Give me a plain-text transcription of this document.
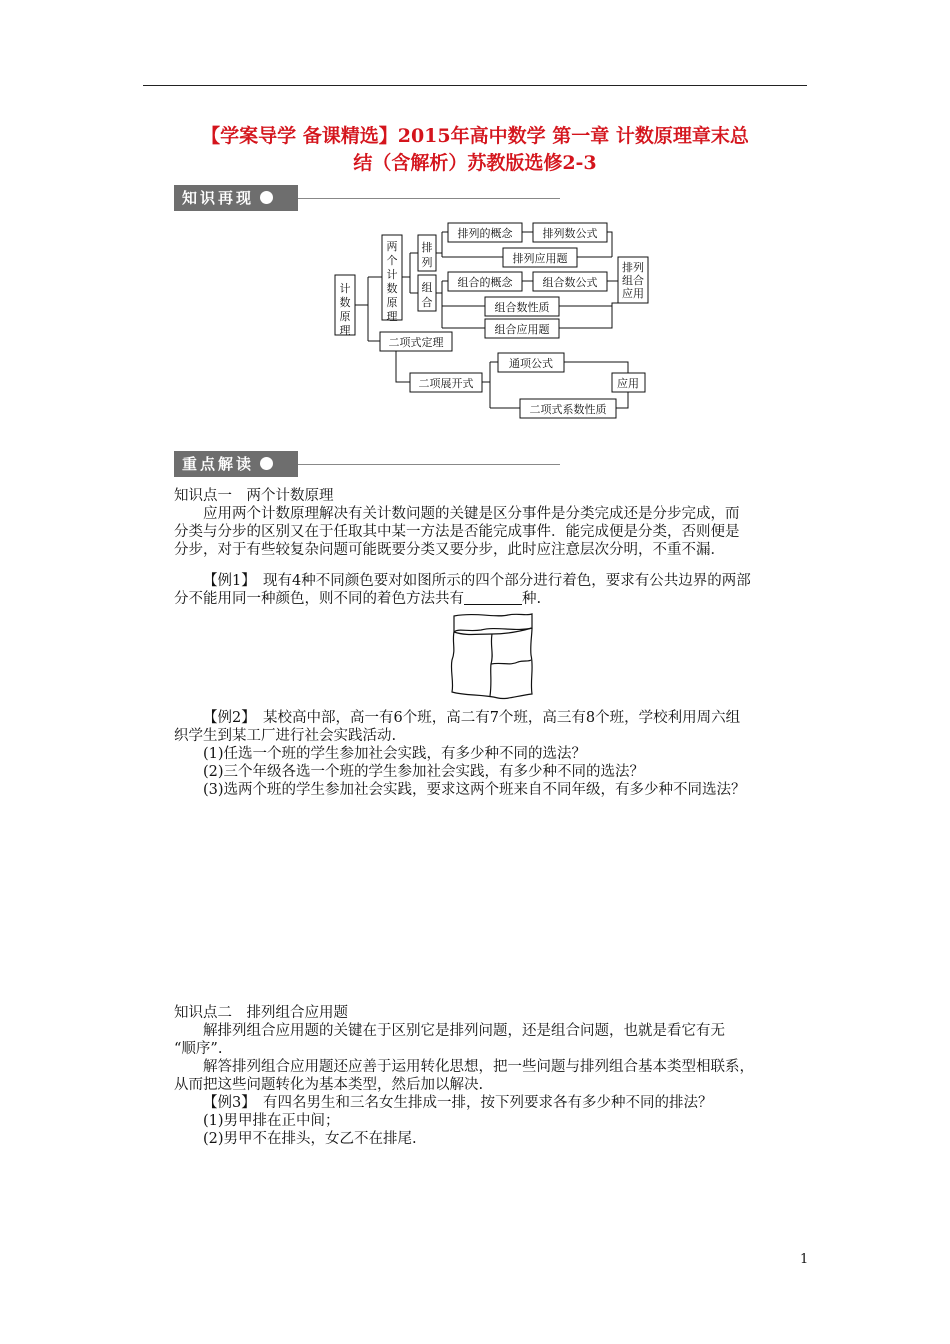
【学案导学 备课精选】2015年高中数学 第一章 计数原理章末总
结（含解析）苏教版选修2-3
知识再现
计
数
原
理
两
个
计
数
原
理
排
列
组
合
排列的概念	排列数公式
排列应用题
组合的概念	组合数公式
组合数性质
组合应用题
排列
组合
应用
二项式定理
二项展开式
通项公式
应用
二项式系数性质
重点解读
知识点一　两个计数原理
应用两个计数原理解决有关计数问题的关键是区分事件是分类完成还是分步完成，而
分类与分步的区别又在于任取其中某一方法是否能完成事件．能完成便是分类，否则便是
分步，对于有些较复杂问题可能既要分类又要分步，此时应注意层次分明，不重不漏．
【例1】　 现有4种不同颜色要对如图所示的四个部分进行着色，要求有公共边界的两部
分不能用同一种颜色，则不同的着色方法共有	种.
【例2】　 某校高中部，高一有6个班，高二有7个班，高三有8个班，学校利用周六组
织学生到某工厂进行社会实践活动.
(1)任选一个班的学生参加社会实践，有多少种不同的选法？
(2)三个年级各选一个班的学生参加社会实践，有多少种不同的选法？
(3)选两个班的学生参加社会实践，要求这两个班来自不同年级，有多少种不同选法？
知识点二　排列组合应用题
解排列组合应用题的关键在于区别它是排列问题，还是组合问题，也就是看它有无
“顺序”.
解答排列组合应用题还应善于运用转化思想，把一些问题与排列组合基本类型相联系，
从而把这些问题转化为基本类型，然后加以解决.
【例3】　 有四名男生和三名女生排成一排，按下列要求各有多少种不同的排法？
(1)男甲排在正中间；
(2)男甲不在排头，女乙不在排尾.
1
